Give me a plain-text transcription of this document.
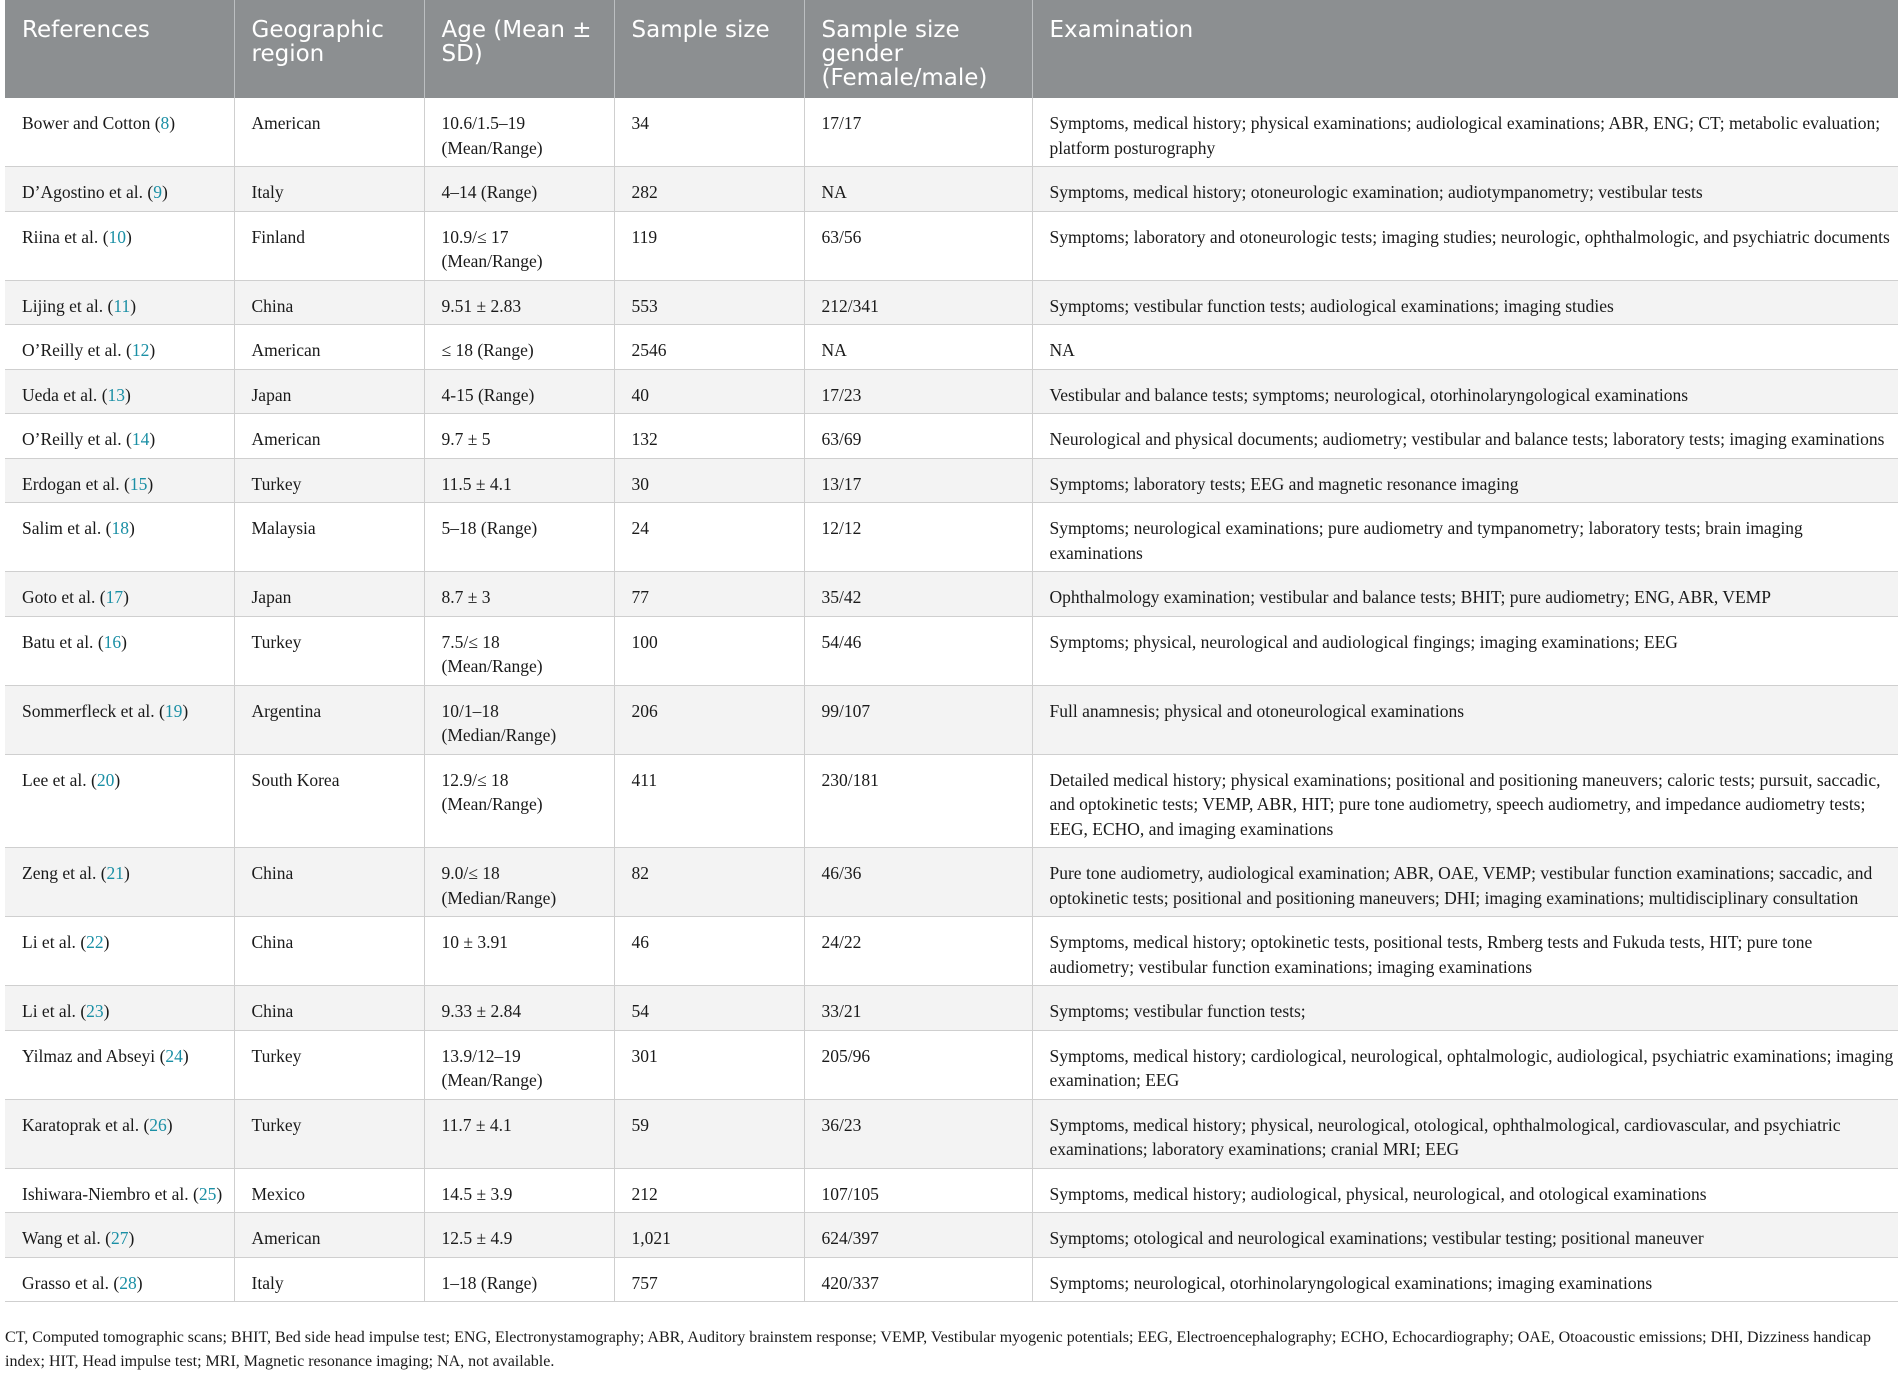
References	Geographic region	Age (Mean ± SD)	Sample size	Sample size gender (Female/male)	Examination
Bower and Cotton (8)	American	10.6/1.5–19 (Mean/Range)	34	17/17	Symptoms, medical history; physical examinations; audiological examinations; ABR, ENG; CT; metabolic evaluation; platform posturography
D’Agostino et al. (9)	Italy	4–14 (Range)	282	NA	Symptoms, medical history; otoneurologic examination; audiotympanometry; vestibular tests
Riina et al. (10)	Finland	10.9/≤ 17 (Mean/Range)	119	63/56	Symptoms; laboratory and otoneurologic tests; imaging studies; neurologic, ophthalmologic, and psychiatric documents
Lijing et al. (11)	China	9.51 ± 2.83	553	212/341	Symptoms; vestibular function tests; audiological examinations; imaging studies
O’Reilly et al. (12)	American	≤ 18 (Range)	2546	NA	NA
Ueda et al. (13)	Japan	4-15 (Range)	40	17/23	Vestibular and balance tests; symptoms; neurological, otorhinolaryngological examinations
O’Reilly et al. (14)	American	9.7 ± 5	132	63/69	Neurological and physical documents; audiometry; vestibular and balance tests; laboratory tests; imaging examinations
Erdogan et al. (15)	Turkey	11.5 ± 4.1	30	13/17	Symptoms; laboratory tests; EEG and magnetic resonance imaging
Salim et al. (18)	Malaysia	5–18 (Range)	24	12/12	Symptoms; neurological examinations; pure audiometry and tympanometry; laboratory tests; brain imaging examinations
Goto et al. (17)	Japan	8.7 ± 3	77	35/42	Ophthalmology examination; vestibular and balance tests; BHIT; pure audiometry; ENG, ABR, VEMP
Batu et al. (16)	Turkey	7.5/≤ 18 (Mean/Range)	100	54/46	Symptoms; physical, neurological and audiological fingings; imaging examinations; EEG
Sommerfleck et al. (19)	Argentina	10/1–18 (Median/Range)	206	99/107	Full anamnesis; physical and otoneurological examinations
Lee et al. (20)	South Korea	12.9/≤ 18 (Mean/Range)	411	230/181	Detailed medical history; physical examinations; positional and positioning maneuvers; caloric tests; pursuit, saccadic, and optokinetic tests; VEMP, ABR, HIT; pure tone audiometry, speech audiometry, and impedance audiometry tests; EEG, ECHO, and imaging examinations
Zeng et al. (21)	China	9.0/≤ 18 (Median/Range)	82	46/36	Pure tone audiometry, audiological examination; ABR, OAE, VEMP; vestibular function examinations; saccadic, and optokinetic tests; positional and positioning maneuvers; DHI; imaging examinations; multidisciplinary consultation
Li et al. (22)	China	10 ± 3.91	46	24/22	Symptoms, medical history; optokinetic tests, positional tests, Rmberg tests and Fukuda tests, HIT; pure tone audiometry; vestibular function examinations; imaging examinations
Li et al. (23)	China	9.33 ± 2.84	54	33/21	Symptoms; vestibular function tests;
Yilmaz and Abseyi (24)	Turkey	13.9/12–19 (Mean/Range)	301	205/96	Symptoms, medical history; cardiological, neurological, ophtalmologic, audiological, psychiatric examinations; imaging examination; EEG
Karatoprak et al. (26)	Turkey	11.7 ± 4.1	59	36/23	Symptoms, medical history; physical, neurological, otological, ophthalmological, cardiovascular, and psychiatric examinations; laboratory examinations; cranial MRI; EEG
Ishiwara-Niembro et al. (25)	Mexico	14.5 ± 3.9	212	107/105	Symptoms, medical history; audiological, physical, neurological, and otological examinations
Wang et al. (27)	American	12.5 ± 4.9	1,021	624/397	Symptoms; otological and neurological examinations; vestibular testing; positional maneuver
Grasso et al. (28)	Italy	1–18 (Range)	757	420/337	Symptoms; neurological, otorhinolaryngological examinations; imaging examinations
CT, Computed tomographic scans; BHIT, Bed side head impulse test; ENG, Electronystamography; ABR, Auditory brainstem response; VEMP, Vestibular myogenic potentials; EEG, Electroencephalography; ECHO, Echocardiography; OAE, Otoacoustic emissions; DHI, Dizziness handicap index; HIT, Head impulse test; MRI, Magnetic resonance imaging; NA, not available.
